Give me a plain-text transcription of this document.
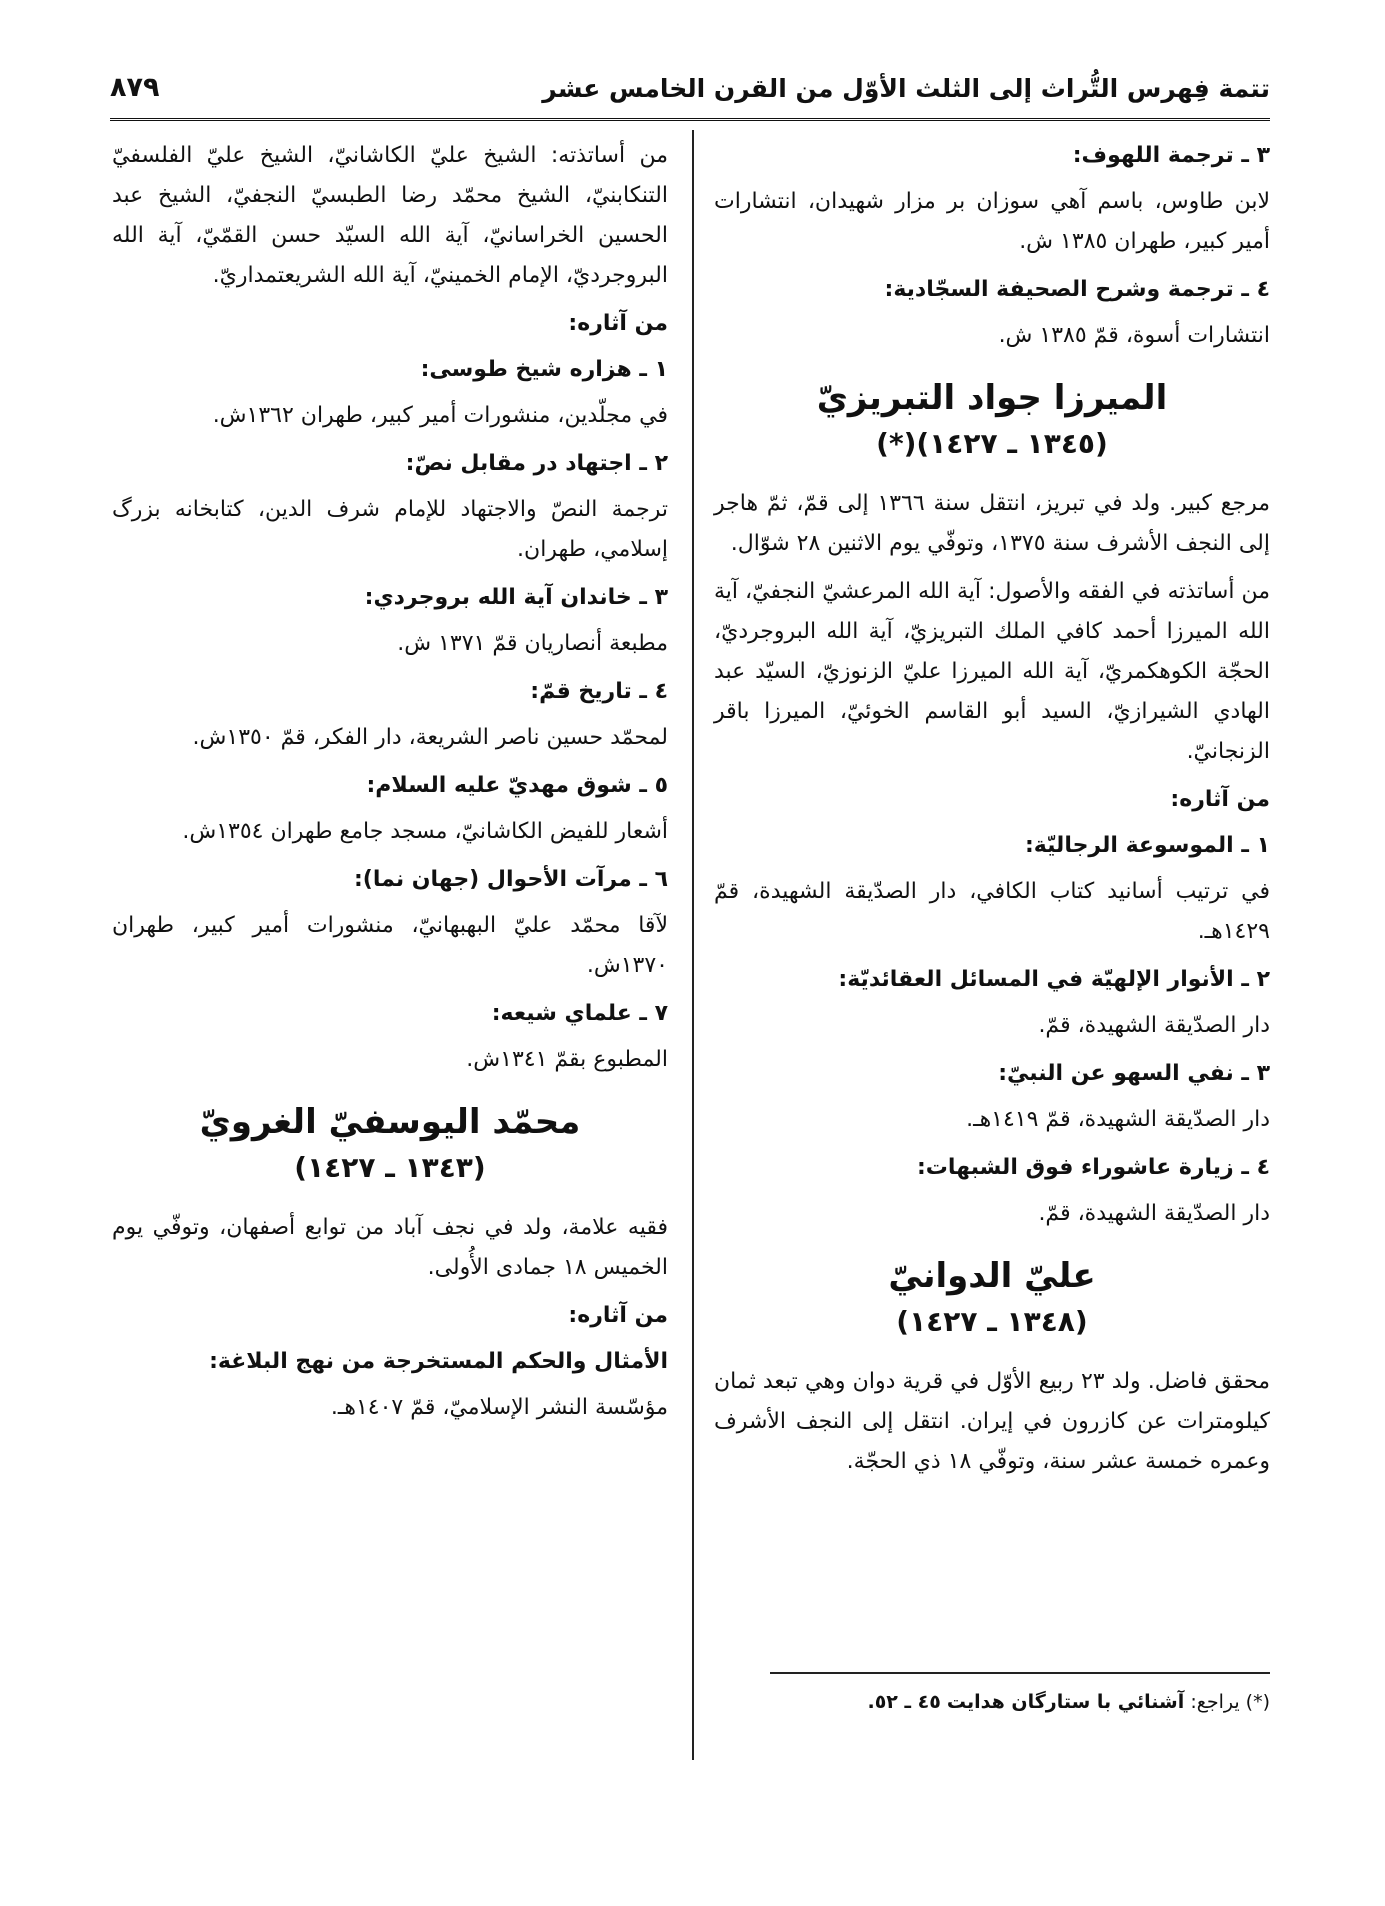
تتمة فِهرس التُّراث إلى الثلث الأوّل من القرن الخامس عشر
٨٧٩

٣ ـ ترجمة اللهوف:

لابن طاوس، باسم آهي سوزان بر مزار شهيدان، انتشارات أمير كبير، طهران ١٣٨٥ ش.

٤ ـ ترجمة وشرح الصحيفة السجّادية:

انتشارات أسوة، قمّ ١٣٨٥ ش.

الميرزا جواد التبريزيّ
(١٣٤٥ ـ ١٤٢٧)(*)

مرجع كبير. ولد في تبريز، انتقل سنة ١٣٦٦ إلى قمّ، ثمّ هاجر إلى النجف الأشرف سنة ١٣٧٥، وتوفّي يوم الاثنين ٢٨ شوّال.

من أساتذته في الفقه والأصول: آية الله المرعشيّ النجفيّ، آية الله الميرزا أحمد كافي الملك التبريزيّ، آية الله البروجرديّ، الحجّة الكوهكمريّ، آية الله الميرزا عليّ الزنوزيّ، السيّد عبد الهادي الشيرازيّ، السيد أبو القاسم الخوئيّ، الميرزا باقر الزنجانيّ.

من آثاره:

١ ـ الموسوعة الرجاليّة:

في ترتيب أسانيد كتاب الكافي، دار الصدّيقة الشهيدة، قمّ ١٤٢٩هـ.

٢ ـ الأنوار الإلهيّة في المسائل العقائديّة:

دار الصدّيقة الشهيدة، قمّ.

٣ ـ نفي السهو عن النبيّ:

دار الصدّيقة الشهيدة، قمّ ١٤١٩هـ.

٤ ـ زيارة عاشوراء فوق الشبهات:

دار الصدّيقة الشهيدة، قمّ.

عليّ الدوانيّ
(١٣٤٨ ـ ١٤٢٧)

محقق فاضل. ولد ٢٣ ربيع الأوّل في قرية دوان وهي تبعد ثمان كيلومترات عن كازرون في إيران. انتقل إلى النجف الأشرف وعمره خمسة عشر سنة، وتوفّي ١٨ ذي الحجّة.

(*) يراجع: آشنائي با ستارگان هدايت ٤٥ ـ ٥٢.

من أساتذته: الشيخ عليّ الكاشانيّ، الشيخ عليّ الفلسفيّ التنكابنيّ، الشيخ محمّد رضا الطبسيّ النجفيّ، الشيخ عبد الحسين الخراسانيّ، آية الله السيّد حسن القمّيّ، آية الله البروجرديّ، الإمام الخمينيّ، آية الله الشريعتمداريّ.

من آثاره:

١ ـ هزاره شيخ طوسى:

في مجلّدين، منشورات أمير كبير، طهران ١٣٦٢ش.

٢ ـ اجتهاد در مقابل نصّ:

ترجمة النصّ والاجتهاد للإمام شرف الدين، كتابخانه بزرگ إسلامي، طهران.

٣ ـ خاندان آية الله بروجردي:

مطبعة أنصاريان قمّ ١٣٧١ ش.

٤ ـ تاريخ قمّ:

لمحمّد حسين ناصر الشريعة، دار الفكر، قمّ ١٣٥٠ش.

٥ ـ شوق مهديّ عليه السلام:

أشعار للفيض الكاشانيّ، مسجد جامع طهران ١٣٥٤ش.

٦ ـ مرآت الأحوال (جهان نما):

لآقا محمّد عليّ البهبهانيّ، منشورات أمير كبير، طهران ١٣٧٠ش.

٧ ـ علماي شيعه:

المطبوع بقمّ ١٣٤١ش.

محمّد اليوسفيّ الغرويّ
(١٣٤٣ ـ ١٤٢٧)

فقيه علامة، ولد في نجف آباد من توابع أصفهان، وتوفّي يوم الخميس ١٨ جمادى الأُولى.

من آثاره:

الأمثال والحكم المستخرجة من نهج البلاغة:

مؤسّسة النشر الإسلاميّ، قمّ ١٤٠٧هـ.
